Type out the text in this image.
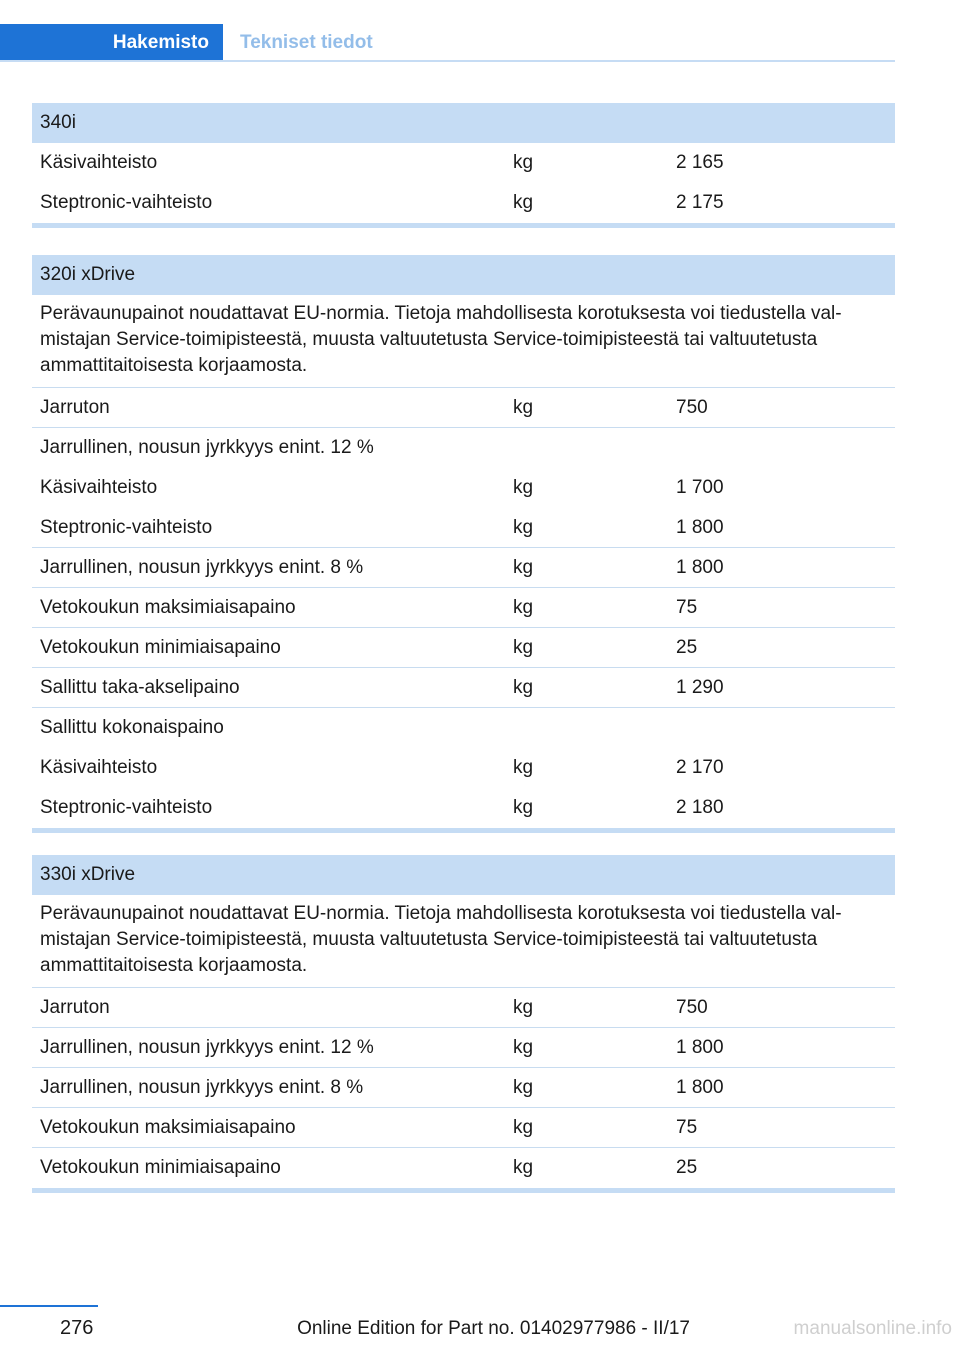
Hakemisto	Tekniset tiedot
340i
Käsivaihteisto	kg	2 165
Steptronic-vaihteisto	kg	2 175
320i xDrive
Perävaunupainot noudattavat EU-normia. Tietoja mahdollisesta korotuksesta voi tiedustella valmistajan Service-toimipisteestä, muusta valtuutetusta Service-toimipisteestä tai valtuutetusta ammattitaitoisesta korjaamosta.
Jarruton	kg	750
Jarrullinen, nousun jyrkkyys enint. 12 %
Käsivaihteisto	kg	1 700
Steptronic-vaihteisto	kg	1 800
Jarrullinen, nousun jyrkkyys enint. 8 %	kg	1 800
Vetokoukun maksimiaisapaino	kg	75
Vetokoukun minimiaisapaino	kg	25
Sallittu taka-akselipaino	kg	1 290
Sallittu kokonaispaino
Käsivaihteisto	kg	2 170
Steptronic-vaihteisto	kg	2 180
330i xDrive
Perävaunupainot noudattavat EU-normia. Tietoja mahdollisesta korotuksesta voi tiedustella valmistajan Service-toimipisteestä, muusta valtuutetusta Service-toimipisteestä tai valtuutetusta ammattitaitoisesta korjaamosta.
Jarruton	kg	750
Jarrullinen, nousun jyrkkyys enint. 12 %	kg	1 800
Jarrullinen, nousun jyrkkyys enint. 8 %	kg	1 800
Vetokoukun maksimiaisapaino	kg	75
Vetokoukun minimiaisapaino	kg	25
276	Online Edition for Part no. 01402977986 - II/17	manualsonline.info
